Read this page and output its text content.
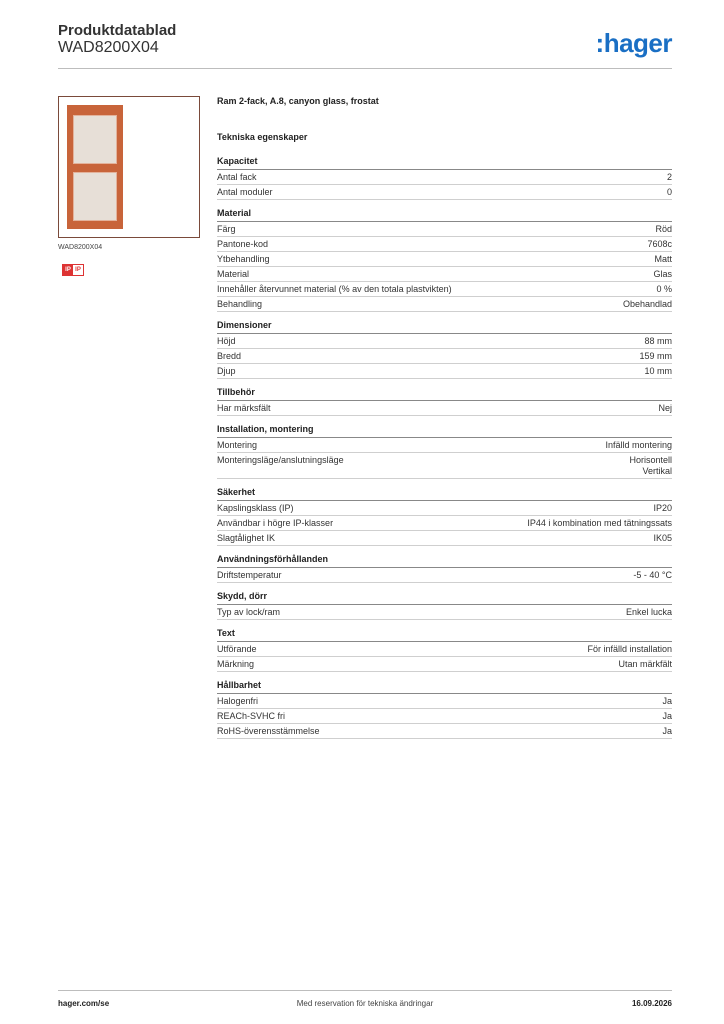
Produktdatablad
WAD8200X04	:hager
WAD8200X04
IP IP
Ram 2-fack, A.8, canyon glass, frostat
Tekniska egenskaper
Kapacitet
Antal fack	2
Antal moduler	0
Material
Färg	Röd
Pantone-kod	7608c
Ytbehandling	Matt
Material	Glas
Innehåller återvunnet material (% av den totala plastvikten)	0 %
Behandling	Obehandlad
Dimensioner
Höjd	88 mm
Bredd	159 mm
Djup	10 mm
Tillbehör
Har märksfält	Nej
Installation, montering
Montering	Infälld montering
Monteringsläge/anslutningsläge	Horisontell
Vertikal
Säkerhet
Kapslingsklass (IP)	IP20
Användbar i högre IP-klasser	IP44 i kombination med tätningssats
Slagtålighet IK	IK05
Användningsförhållanden
Driftstemperatur	-5 - 40 °C
Skydd, dörr
Typ av lock/ram	Enkel lucka
Text
Utförande	För infälld installation
Märkning	Utan märkfält
Hållbarhet
Halogenfri	Ja
REACh-SVHC fri	Ja
RoHS-överensstämmelse	Ja
hager.com/se	Med reservation för tekniska ändringar	16.09.2026
